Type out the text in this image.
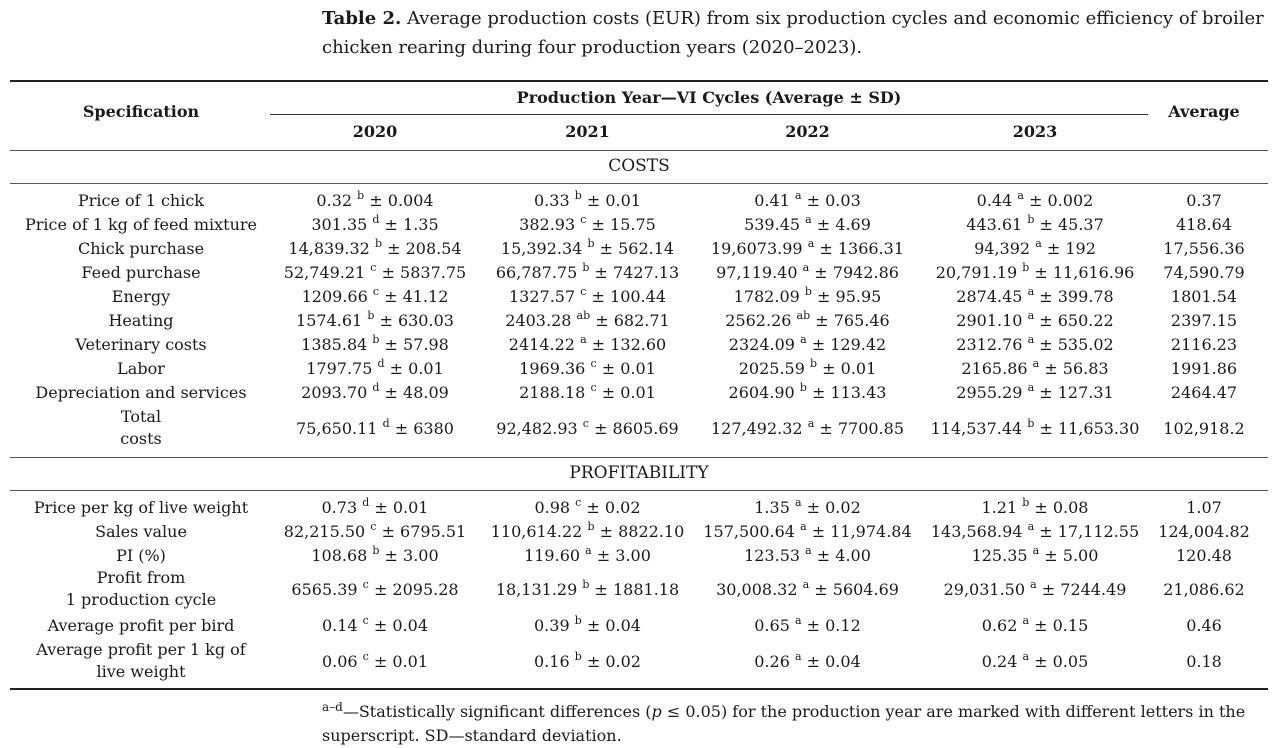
Table 2. Average production costs (EUR) from six production cycles and economic efficiency of broiler chicken rearing during four production years (2020–2023).
Specification
Production Year—VI Cycles (Average ± SD)
2020	2021	2022	2023
Average
COSTS
Price of 1 chick	0.32 $^b$ ± 0.004	0.33 $^b$ ± 0.01	0.41 $^a$ ± 0.03	0.44 $^a$ ± 0.002	0.37
Price of 1 kg of feed mixture	301.35 $^d$ ± 1.35	382.93 $^c$ ± 15.75	539.45 $^a$ ± 4.69	443.61 $^b$ ± 45.37	418.64
Chick purchase	14,839.32 $^b$ ± 208.54	15,392.34 $^b$ ± 562.14	19,6073.99 $^a$ ± 1366.31	94,392 $^a$ ± 192	17,556.36
Feed purchase	52,749.21 $^c$ ± 5837.75	66,787.75 $^b$ ± 7427.13	97,119.40 $^a$ ± 7942.86	20,791.19 $^b$ ± 11,616.96	74,590.79
Energy	1209.66 $^c$ ± 41.12	1327.57 $^c$ ± 100.44	1782.09 $^b$ ± 95.95	2874.45 $^a$ ± 399.78	1801.54
Heating	1574.61 $^b$ ± 630.03	2403.28 $^{ab}$ ± 682.71	2562.26 $^{ab}$ ± 765.46	2901.10 $^a$ ± 650.22	2397.15
Veterinary costs	1385.84 $^b$ ± 57.98	2414.22 $^a$ ± 132.60	2324.09 $^a$ ± 129.42	2312.76 $^a$ ± 535.02	2116.23
Labor	1797.75 $^d$ ± 0.01	1969.36 $^c$ ± 0.01	2025.59 $^b$ ± 0.01	2165.86 $^a$ ± 56.83	1991.86
Depreciation and services	2093.70 $^d$ ± 48.09	2188.18 $^c$ ± 0.01	2604.90 $^b$ ± 113.43	2955.29 $^a$ ± 127.31	2464.47
Total
costs
75,650.11 $^d$ ± 6380	92,482.93 $^c$ ± 8605.69	127,492.32 $^a$ ± 7700.85	114,537.44 $^b$ ± 11,653.30	102,918.2
PROFITABILITY
Price per kg of live weight	0.73 $^d$ ± 0.01	0.98 $^c$ ± 0.02	1.35 $^a$ ± 0.02	1.21 $^b$ ± 0.08	1.07
Sales value	82,215.50 $^c$ ± 6795.51	110,614.22 $^b$ ± 8822.10	157,500.64 $^a$ ± 11,974.84	143,568.94 $^a$ ± 17,112.55	124,004.82
PI (%)	108.68 $^b$ ± 3.00	119.60 $^a$ ± 3.00	123.53 $^a$ ± 4.00	125.35 $^a$ ± 5.00	120.48
Profit from
1 production cycle
6565.39 $^c$ ± 2095.28	18,131.29 $^b$ ± 1881.18	30,008.32 $^a$ ± 5604.69	29,031.50 $^a$ ± 7244.49	21,086.62
Average profit per bird	0.14 $^c$ ± 0.04	0.39 $^b$ ± 0.04	0.65 $^a$ ± 0.12	0.62 $^a$ ± 0.15	0.46
Average profit per 1 kg of
live weight
0.06 $^c$ ± 0.01	0.16 $^b$ ± 0.02	0.26 $^a$ ± 0.04	0.24 $^a$ ± 0.05	0.18
$^{a-d}$—Statistically significant differences (p ≤ 0.05) for the production year are marked with different letters in the superscript. SD—standard deviation.
